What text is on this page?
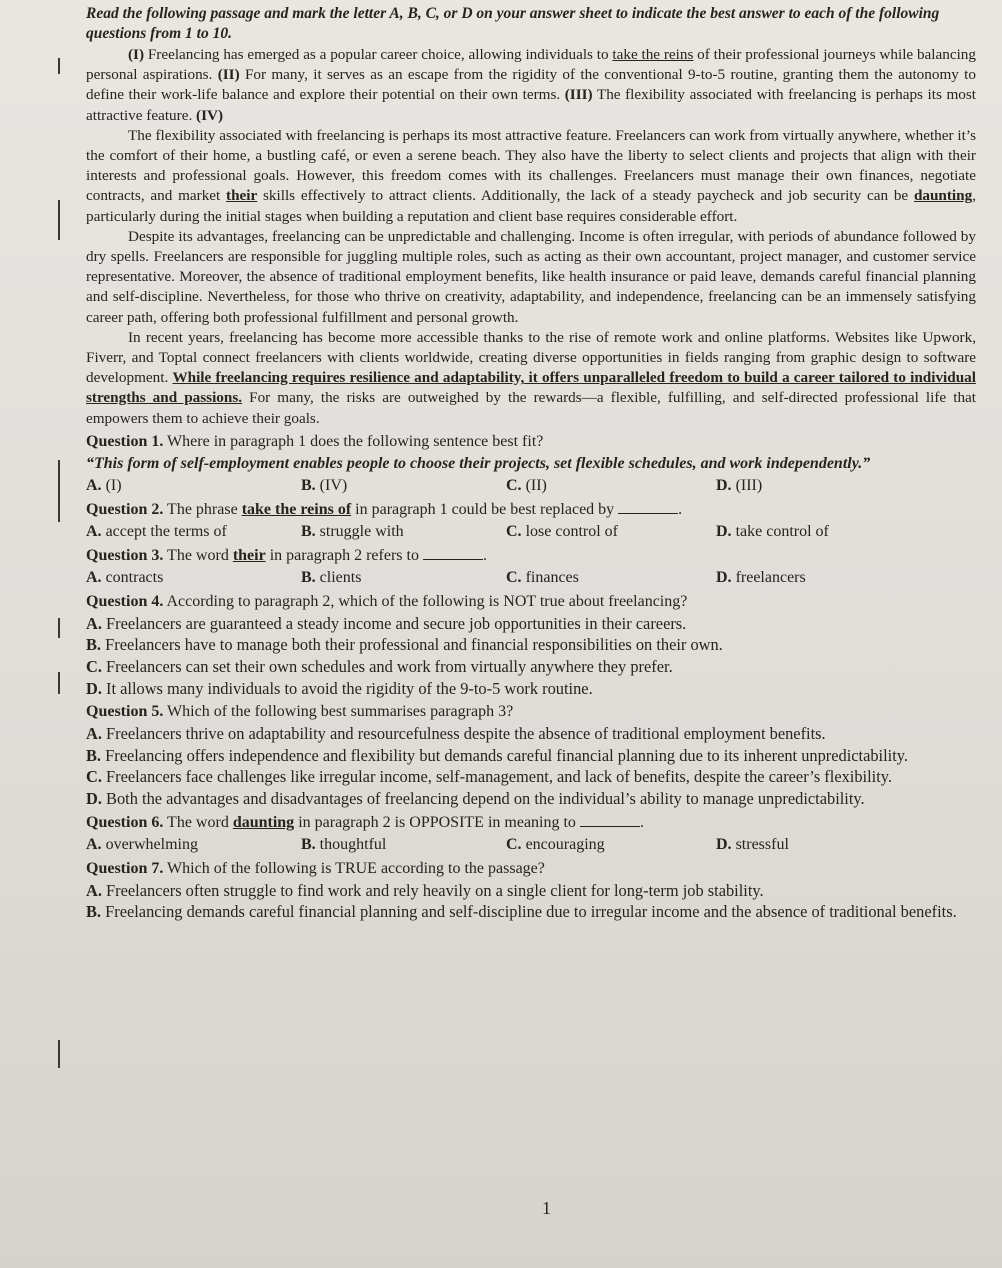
Read the following passage and mark the letter A, B, C, or D on your answer sheet to indicate the best answer to each of the following questions from 1 to 10.

(I) Freelancing has emerged as a popular career choice, allowing individuals to take the reins of their professional journeys while balancing personal aspirations. (II) For many, it serves as an escape from the rigidity of the conventional 9-to-5 routine, granting them the autonomy to define their work-life balance and explore their potential on their own terms. (III) The flexibility associated with freelancing is perhaps its most attractive feature. (IV)

The flexibility associated with freelancing is perhaps its most attractive feature. Freelancers can work from virtually anywhere, whether it’s the comfort of their home, a bustling café, or even a serene beach. They also have the liberty to select clients and projects that align with their interests and professional goals. However, this freedom comes with its challenges. Freelancers must manage their own finances, negotiate contracts, and market their skills effectively to attract clients. Additionally, the lack of a steady paycheck and job security can be daunting, particularly during the initial stages when building a reputation and client base requires considerable effort.

Despite its advantages, freelancing can be unpredictable and challenging. Income is often irregular, with periods of abundance followed by dry spells. Freelancers are responsible for juggling multiple roles, such as acting as their own accountant, project manager, and customer service representative. Moreover, the absence of traditional employment benefits, like health insurance or paid leave, demands careful financial planning and self-discipline. Nevertheless, for those who thrive on creativity, adaptability, and independence, freelancing can be an immensely satisfying career path, offering both professional fulfillment and personal growth.

In recent years, freelancing has become more accessible thanks to the rise of remote work and online platforms. Websites like Upwork, Fiverr, and Toptal connect freelancers with clients worldwide, creating diverse opportunities in fields ranging from graphic design to software development. While freelancing requires resilience and adaptability, it offers unparalleled freedom to build a career tailored to individual strengths and passions. For many, the risks are outweighed by the rewards—a flexible, fulfilling, and self-directed professional life that empowers them to achieve their goals.

Question 1. Where in paragraph 1 does the following sentence best fit?
“This form of self-employment enables people to choose their projects, set flexible schedules, and work independently.”
A. (I)	B. (IV)	C. (II)	D. (III)
Question 2. The phrase take the reins of in paragraph 1 could be best replaced by	.
A. accept the terms of	B. struggle with	C. lose control of	D. take control of
Question 3. The word their in paragraph 2 refers to	.
A. contracts	B. clients	C. finances	D. freelancers
Question 4. According to paragraph 2, which of the following is NOT true about freelancing?
A. Freelancers are guaranteed a steady income and secure job opportunities in their careers.
B. Freelancers have to manage both their professional and financial responsibilities on their own.
C. Freelancers can set their own schedules and work from virtually anywhere they prefer.
D. It allows many individuals to avoid the rigidity of the 9-to-5 work routine.
Question 5. Which of the following best summarises paragraph 3?
A. Freelancers thrive on adaptability and resourcefulness despite the absence of traditional employment benefits.
B. Freelancing offers independence and flexibility but demands careful financial planning due to its inherent unpredictability.
C. Freelancers face challenges like irregular income, self-management, and lack of benefits, despite the career’s flexibility.
D. Both the advantages and disadvantages of freelancing depend on the individual’s ability to manage unpredictability.
Question 6. The word daunting in paragraph 2 is OPPOSITE in meaning to	.
A. overwhelming	B. thoughtful	C. encouraging	D. stressful
Question 7. Which of the following is TRUE according to the passage?
A. Freelancers often struggle to find work and rely heavily on a single client for long-term job stability.
B. Freelancing demands careful financial planning and self-discipline due to irregular income and the absence of traditional benefits.
1
